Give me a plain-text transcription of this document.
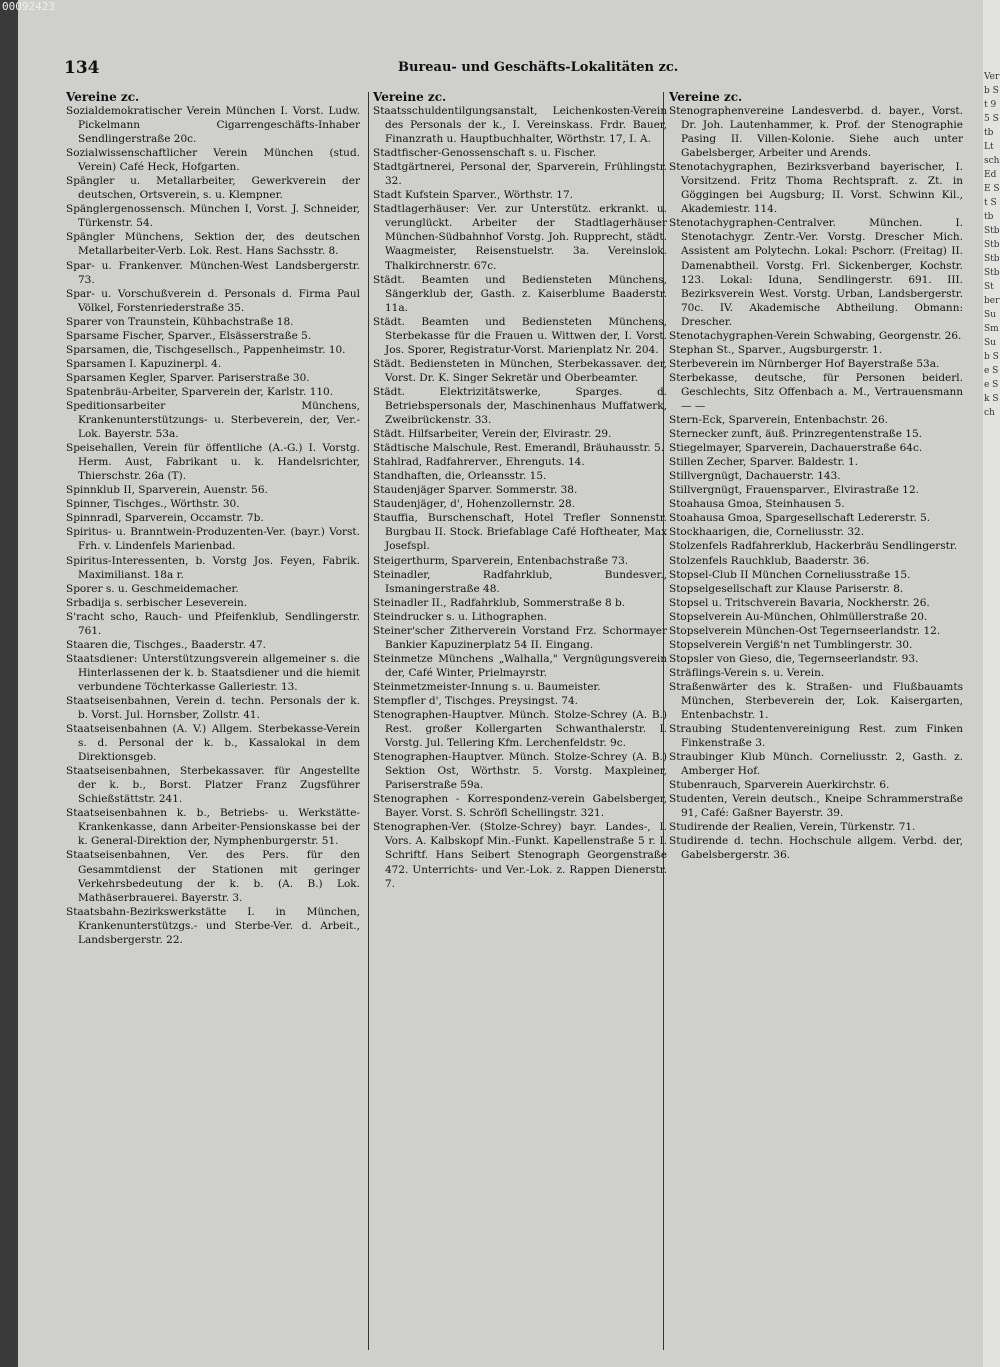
134	Bureau- und Geschäfts-Lokalitäten zc.
Vereine zc.
Sozialdemokratischer Verein München I. Vorst. Ludw. Pickelmann Cigarrengeschäfts-Inhaber Sendlingerstraße 20c.
Sozialwissenschaftlicher Verein München (stud. Verein) Café Heck, Hofgarten.
Spängler u. Metallarbeiter, Gewerkverein der deutschen, Ortsverein, s. u. Klempner.
Spänglergenossensch. München I, Vorst. J. Schneider, Türkenstr. 54.
Spängler Münchens, Sektion der, des deutschen Metallarbeiter-Verb. Lok. Rest. Hans Sachsstr. 8.
Spar- u. Frankenver. München-West Landsbergerstr. 73.
Spar- u. Vorschußverein d. Personals d. Firma Paul Völkel, Forstenriederstraße 35.
Sparer von Traunstein, Kühbachstraße 18.
Sparsame Fischer, Sparver., Elsässerstraße 5.
Sparsamen, die, Tischgesellsch., Pappenheimstr. 10.
Sparsamen I. Kapuzinerpl. 4.
Sparsamen Kegler, Sparver. Pariserstraße 30.
Spatenbräu-Arbeiter, Sparverein der, Karlstr. 110.
Speditionsarbeiter Münchens, Krankenunterstützungs- u. Sterbeverein, der, Ver.-Lok. Bayerstr. 53a.
Speisehallen, Verein für öffentliche (A.-G.) I. Vorstg. Herm. Aust, Fabrikant u. k. Handelsrichter, Thierschstr. 26a (T).
Spinnklub II, Sparverein, Auenstr. 56.
Spinner, Tischges., Wörthstr. 30.
Spinnradl, Sparverein, Occamstr. 7b.
Spiritus- u. Branntwein-Produzenten-Ver. (bayr.) Vorst. Frh. v. Lindenfels Marienbad.
Spiritus-Interessenten, b. Vorstg Jos. Feyen, Fabrik. Maximilianst. 18a r.
Sporer s. u. Geschmeidemacher.
Srbadija s. serbischer Leseverein.
S'racht scho, Rauch- und Pfeifenklub, Sendlingerstr. 761.
Staaren die, Tischges., Baaderstr. 47.
Staatsdiener: Unterstützungsverein allgemeiner s. die Hinterlassenen der k. b. Staatsdiener und die hiemit verbundene Töchterkasse Galleriestr. 13.
Staatseisenbahnen, Verein d. techn. Personals der k. b. Vorst. Jul. Hornsber, Zollstr. 41.
Staatseisenbahnen (A. V.) Allgem. Sterbekasse-Verein s. d. Personal der k. b., Kassalokal in dem Direktionsgeb.
Staatseisenbahnen, Sterbekassaver. für Angestellte der k. b., Borst. Platzer Franz Zugsführer Schießstättstr. 241.
Staatseisenbahnen k. b., Betriebs- u. Werkstätte-Krankenkasse, dann Arbeiter-Pensionskasse bei der k. General-Direktion der, Nymphenburgerstr. 51.
Staatseisenbahnen, Ver. des Pers. für den Gesammtdienst der Stationen mit geringer Verkehrsbedeutung der k. b. (A. B.) Lok. Mathäserbrauerei. Bayerstr. 3.
Staatsbahn-Bezirkswerkstätte I. in München, Krankenunterstützgs.- und Sterbe-Ver. d. Arbeit., Landsbergerstr. 22.
Vereine zc.
Staatsschuldentilgungsanstalt, Leichenkosten-Verein des Personals der k., I. Vereinskass. Frdr. Bauer, Finanzrath u. Hauptbuchhalter, Wörthstr. 17, I. A.
Stadtfischer-Genossenschaft s. u. Fischer.
Stadtgärtnerei, Personal der, Sparverein, Frühlingstr. 32.
Stadt Kufstein Sparver., Wörthstr. 17.
Stadtlagerhäuser: Ver. zur Unterstütz. erkrankt. u. verunglückt. Arbeiter der Stadtlagerhäuser München-Südbahnhof Vorstg. Joh. Rupprecht, städt. Waagmeister, Reisenstuelstr. 3a. Vereinslok. Thalkirchnerstr. 67c.
Städt. Beamten und Bediensteten Münchens, Sängerklub der, Gasth. z. Kaiserblume Baaderstr. 11a.
Städt. Beamten und Bediensteten Münchens, Sterbekasse für die Frauen u. Wittwen der, I. Vorst. Jos. Sporer, Registratur-Vorst. Marienplatz Nr. 204.
Städt. Bediensteten in München, Sterbekassaver. der, Vorst. Dr. K. Singer Sekretär und Oberbeamter.
Städt. Elektrizitätswerke, Sparges. d. Betriebspersonals der, Maschinenhaus Muffatwerk, Zweibrückenstr. 33.
Städt. Hilfsarbeiter, Verein der, Elvirastr. 29.
Städtische Malschule, Rest. Emerandl, Bräuhausstr. 5.
Stahlrad, Radfahrerver., Ehrenguts. 14.
Standhaften, die, Orleansstr. 15.
Staudenjäger Sparver. Sommerstr. 38.
Staudenjäger, d', Hohenzollernstr. 28.
Stauffia, Burschenschaft, Hotel Trefler Sonnenstr. Burgbau II. Stock. Briefablage Café Hoftheater, Max Josefspl.
Steigerthurm, Sparverein, Entenbachstraße 73.
Steinadler, Radfahrklub, Bundesver., Ismaningerstraße 48.
Steinadler II., Radfahrklub, Sommerstraße 8 b.
Steindrucker s. u. Lithographen.
Steiner'scher Zitherverein Vorstand Frz. Schormayer Bankier Kapuzinerplatz 54 II. Eingang.
Steinmetze Münchens „Walhalla," Vergnügungsverein der, Café Winter, Prielmayrstr.
Steinmetzmeister-Innung s. u. Baumeister.
Stempfler d', Tischges. Preysingst. 74.
Stenographen-Hauptver. Münch. Stolze-Schrey (A. B.) Rest. großer Kollergarten Schwanthalerstr. I. Vorstg. Jul. Tellering Kfm. Lerchenfeldstr. 9c.
Stenographen-Hauptver. Münch. Stolze-Schrey (A. B.) Sektion Ost, Wörthstr. 5. Vorstg. Maxpleiner, Pariserstraße 59a.
Stenographen - Korrespondenz-verein Gabelsberger, Bayer. Vorst. S. Schröfl Schellingstr. 321.
Stenographen-Ver. (Stolze-Schrey) bayr. Landes-, I. Vors. A. Kalbskopf Min.-Funkt. Kapellenstraße 5 r. I. Schriftf. Hans Seibert Stenograph Georgenstraße 472. Unterrichts- und Ver.-Lok. z. Rappen Dienerstr. 7.
Vereine zc.
Stenographenvereine Landesverbd. d. bayer., Vorst. Dr. Joh. Lautenhammer, k. Prof. der Stenographie Pasing II. Villen-Kolonie. Siehe auch unter Gabelsberger, Arbeiter und Arends.
Stenotachygraphen, Bezirksverband bayerischer, I. Vorsitzend. Fritz Thoma Rechtspraft. z. Zt. in Göggingen bei Augsburg; II. Vorst. Schwinn Kil., Akademiestr. 114.
Stenotachygraphen-Centralver. München. I. Stenotachygr. Zentr.-Ver. Vorstg. Drescher Mich. Assistent am Polytechn. Lokal: Pschorr. (Freitag) II. Damenabtheil. Vorstg. Frl. Sickenberger, Kochstr. 123. Lokal: Iduna, Sendlingerstr. 691. III. Bezirksverein West. Vorstg. Urban, Landsbergerstr. 70c. IV. Akademische Abtheilung. Obmann: Drescher.
Stenotachygraphen-Verein Schwabing, Georgenstr. 26.
Stephan St., Sparver., Augsburgerstr. 1.
Sterbeverein im Nürnberger Hof Bayerstraße 53a.
Sterbekasse, deutsche, für Personen beiderl. Geschlechts, Sitz Offenbach a. M., Vertrauensmann — —
Stern-Eck, Sparverein, Entenbachstr. 26.
Sternecker zunft, äuß. Prinzregentenstraße 15.
Stiegelmayer, Sparverein, Dachauerstraße 64c.
Stillen Zecher, Sparver. Baldestr. 1.
Stillvergnügt, Dachauerstr. 143.
Stillvergnügt, Frauensparver., Elvirastraße 12.
Stoahausa Gmoa, Steinhausen 5.
Stoahausa Gmoa, Spargesellschaft Ledererstr. 5.
Stockhaarigen, die, Corneliusstr. 32.
Stolzenfels Radfahrerklub, Hackerbräu Sendlingerstr.
Stolzenfels Rauchklub, Baaderstr. 36.
Stopsel-Club II München Corneliusstraße 15.
Stopselgesellschaft zur Klause Pariserstr. 8.
Stopsel u. Tritschverein Bavaria, Nockherstr. 26.
Stopselverein Au-München, Ohlmüllerstraße 20.
Stopselverein München-Ost Tegernseerlandstr. 12.
Stopselverein Vergiß'n net Tumblingerstr. 30.
Stopsler von Gieso, die, Tegernseerlandstr. 93.
Sträflings-Verein s. u. Verein.
Straßenwärter des k. Straßen- und Flußbauamts München, Sterbeverein der, Lok. Kaisergarten, Entenbachstr. 1.
Straubing Studentenvereinigung Rest. zum Finken Finkenstraße 3.
Straubinger Klub Münch. Corneliusstr. 2, Gasth. z. Amberger Hof.
Stubenrauch, Sparverein Auerkirchstr. 6.
Studenten, Verein deutsch., Kneipe Schrammerstraße 91, Café: Gaßner Bayerstr. 39.
Studirende der Realien, Verein, Türkenstr. 71.
Studirende d. techn. Hochschule allgem. Verbd. der, Gabelsbergerstr. 36.
00092423
Verb St 95 Stb Lt sch Ed E St Stb Stb Stb Stb Stb St ber Su Sm Sub Se Se Sk Sch
